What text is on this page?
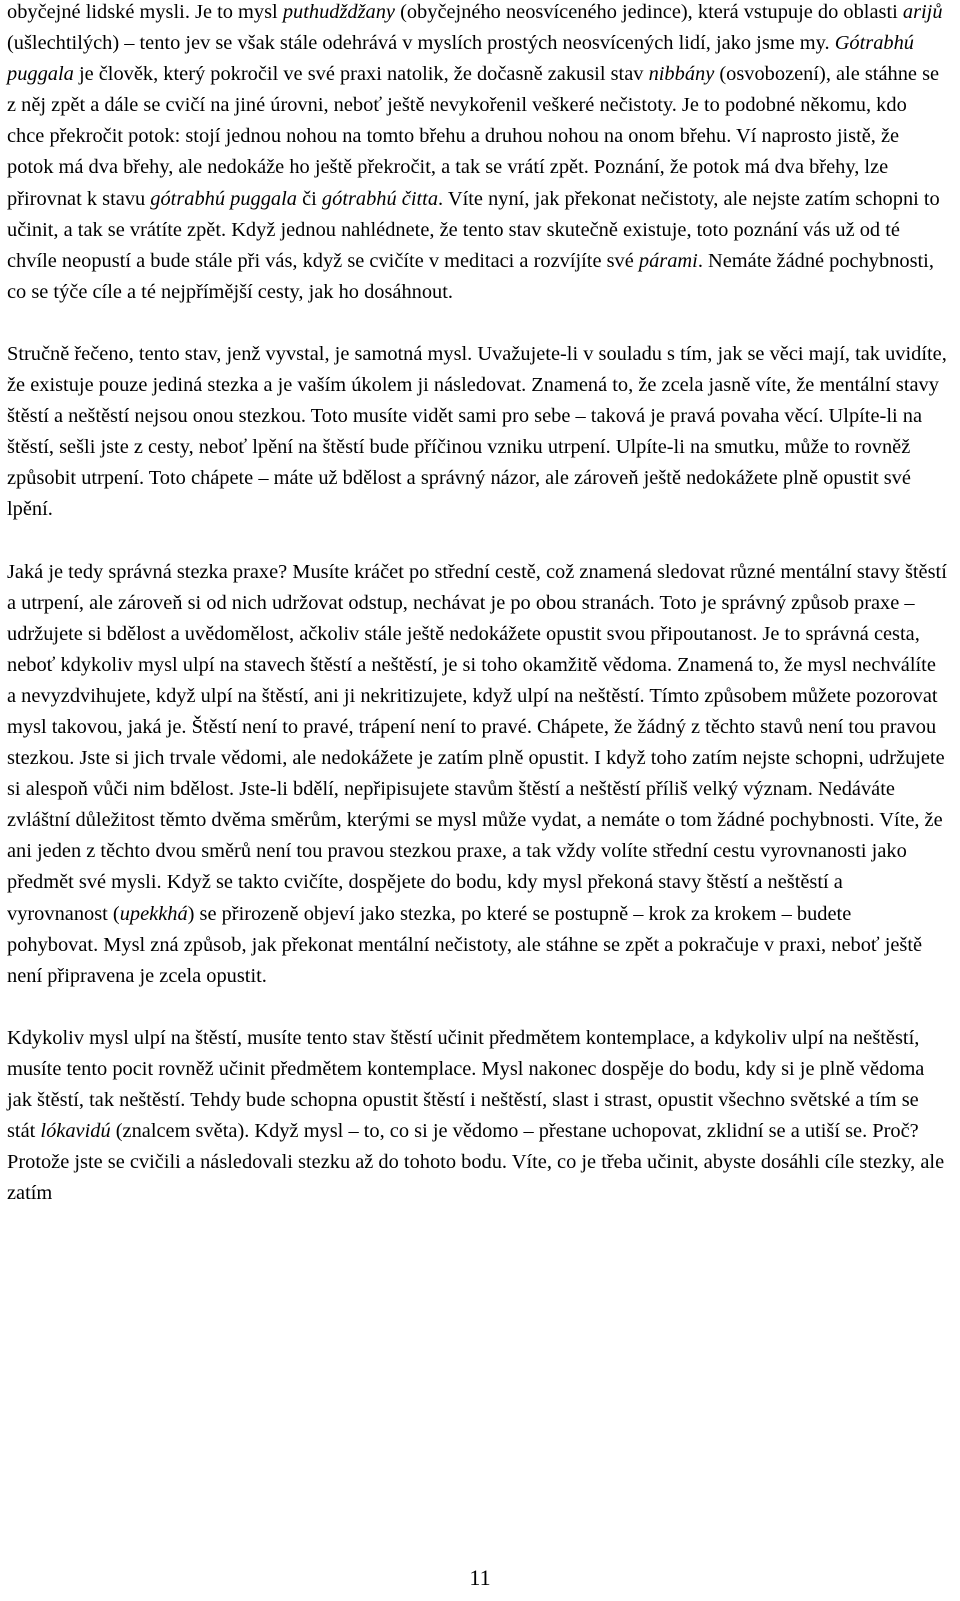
obyčejné lidské mysli. Je to mysl puthudždžany (obyčejného neosvíceného jedince), která vstupuje do oblasti arijů (ušlechtilých) – tento jev se však stále odehrává v myslích prostých neosvícených lidí, jako jsme my. Gótrabhú puggala je člověk, který pokročil ve své praxi natolik, že dočasně zakusil stav nibbány (osvobození), ale stáhne se z něj zpět a dále se cvičí na jiné úrovni, neboť ještě nevykořenil veškeré nečistoty. Je to podobné někomu, kdo chce překročit potok: stojí jednou nohou na tomto břehu a druhou nohou na onom břehu. Ví naprosto jistě, že potok má dva břehy, ale nedokáže ho ještě překročit, a tak se vrátí zpět. Poznání, že potok má dva břehy, lze přirovnat k stavu gótrabhú puggala či gótrabhú čitta. Víte nyní, jak překonat nečistoty, ale nejste zatím schopni to učinit, a tak se vrátíte zpět. Když jednou nahlédnete, že tento stav skutečně existuje, toto poznání vás už od té chvíle neopustí a bude stále při vás, když se cvičíte v meditaci a rozvíjíte své párami. Nemáte žádné pochybnosti, co se týče cíle a té nejpřímější cesty, jak ho dosáhnout.

Stručně řečeno, tento stav, jenž vyvstal, je samotná mysl. Uvažujete-li v souladu s tím, jak se věci mají, tak uvidíte, že existuje pouze jediná stezka a je vaším úkolem ji následovat. Znamená to, že zcela jasně víte, že mentální stavy štěstí a neštěstí nejsou onou stezkou. Toto musíte vidět sami pro sebe – taková je pravá povaha věcí. Ulpíte-li na štěstí, sešli jste z cesty, neboť lpění na štěstí bude příčinou vzniku utrpení. Ulpíte-li na smutku, může to rovněž způsobit utrpení. Toto chápete – máte už bdělost a správný názor, ale zároveň ještě nedokážete plně opustit své lpění.

Jaká je tedy správná stezka praxe? Musíte kráčet po střední cestě, což znamená sledovat různé mentální stavy štěstí a utrpení, ale zároveň si od nich udržovat odstup, nechávat je po obou stranách. Toto je správný způsob praxe – udržujete si bdělost a uvědomělost, ačkoliv stále ještě nedokážete opustit svou připoutanost. Je to správná cesta, neboť kdykoliv mysl ulpí na stavech štěstí a neštěstí, je si toho okamžitě vědoma. Znamená to, že mysl nechválíte a nevyzdvihujete, když ulpí na štěstí, ani ji nekritizujete, když ulpí na neštěstí. Tímto způsobem můžete pozorovat mysl takovou, jaká je. Štěstí není to pravé, trápení není to pravé. Chápete, že žádný z těchto stavů není tou pravou stezkou. Jste si jich trvale vědomi, ale nedokážete je zatím plně opustit. I když toho zatím nejste schopni, udržujete si alespoň vůči nim bdělost. Jste-li bdělí, nepřipisujete stavům štěstí a neštěstí příliš velký význam. Nedáváte zvláštní důležitost těmto dvěma směrům, kterými se mysl může vydat, a nemáte o tom žádné pochybnosti. Víte, že ani jeden z těchto dvou směrů není tou pravou stezkou praxe, a tak vždy volíte střední cestu vyrovnanosti jako předmět své mysli. Když se takto cvičíte, dospějete do bodu, kdy mysl překoná stavy štěstí a neštěstí a vyrovnanost (upekkhá) se přirozeně objeví jako stezka, po které se postupně – krok za krokem – budete pohybovat. Mysl zná způsob, jak překonat mentální nečistoty, ale stáhne se zpět a pokračuje v praxi, neboť ještě není připravena je zcela opustit.

Kdykoliv mysl ulpí na štěstí, musíte tento stav štěstí učinit předmětem kontemplace, a kdykoliv ulpí na neštěstí, musíte tento pocit rovněž učinit předmětem kontemplace. Mysl nakonec dospěje do bodu, kdy si je plně vědoma jak štěstí, tak neštěstí. Tehdy bude schopna opustit štěstí i neštěstí, slast i strast, opustit všechno světské a tím se stát lókavidú (znalcem světa). Když mysl – to, co si je vědomo – přestane uchopovat, zklidní se a utiší se. Proč? Protože jste se cvičili a následovali stezku až do tohoto bodu. Víte, co je třeba učinit, abyste dosáhli cíle stezky, ale zatím

11
